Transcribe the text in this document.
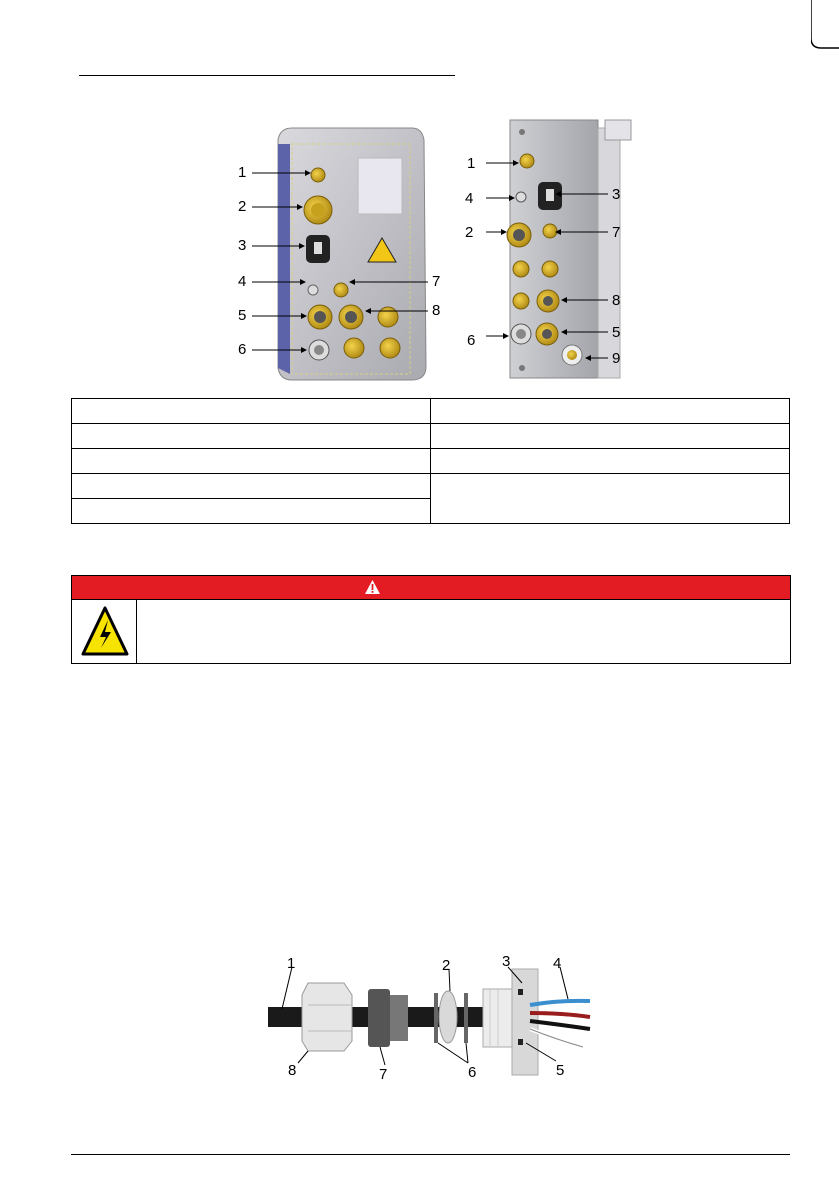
1
2
3
4	7
5	8
6
1
4	3
2	7
8
6	5
9

1	2	3	4
8	7	6	5
